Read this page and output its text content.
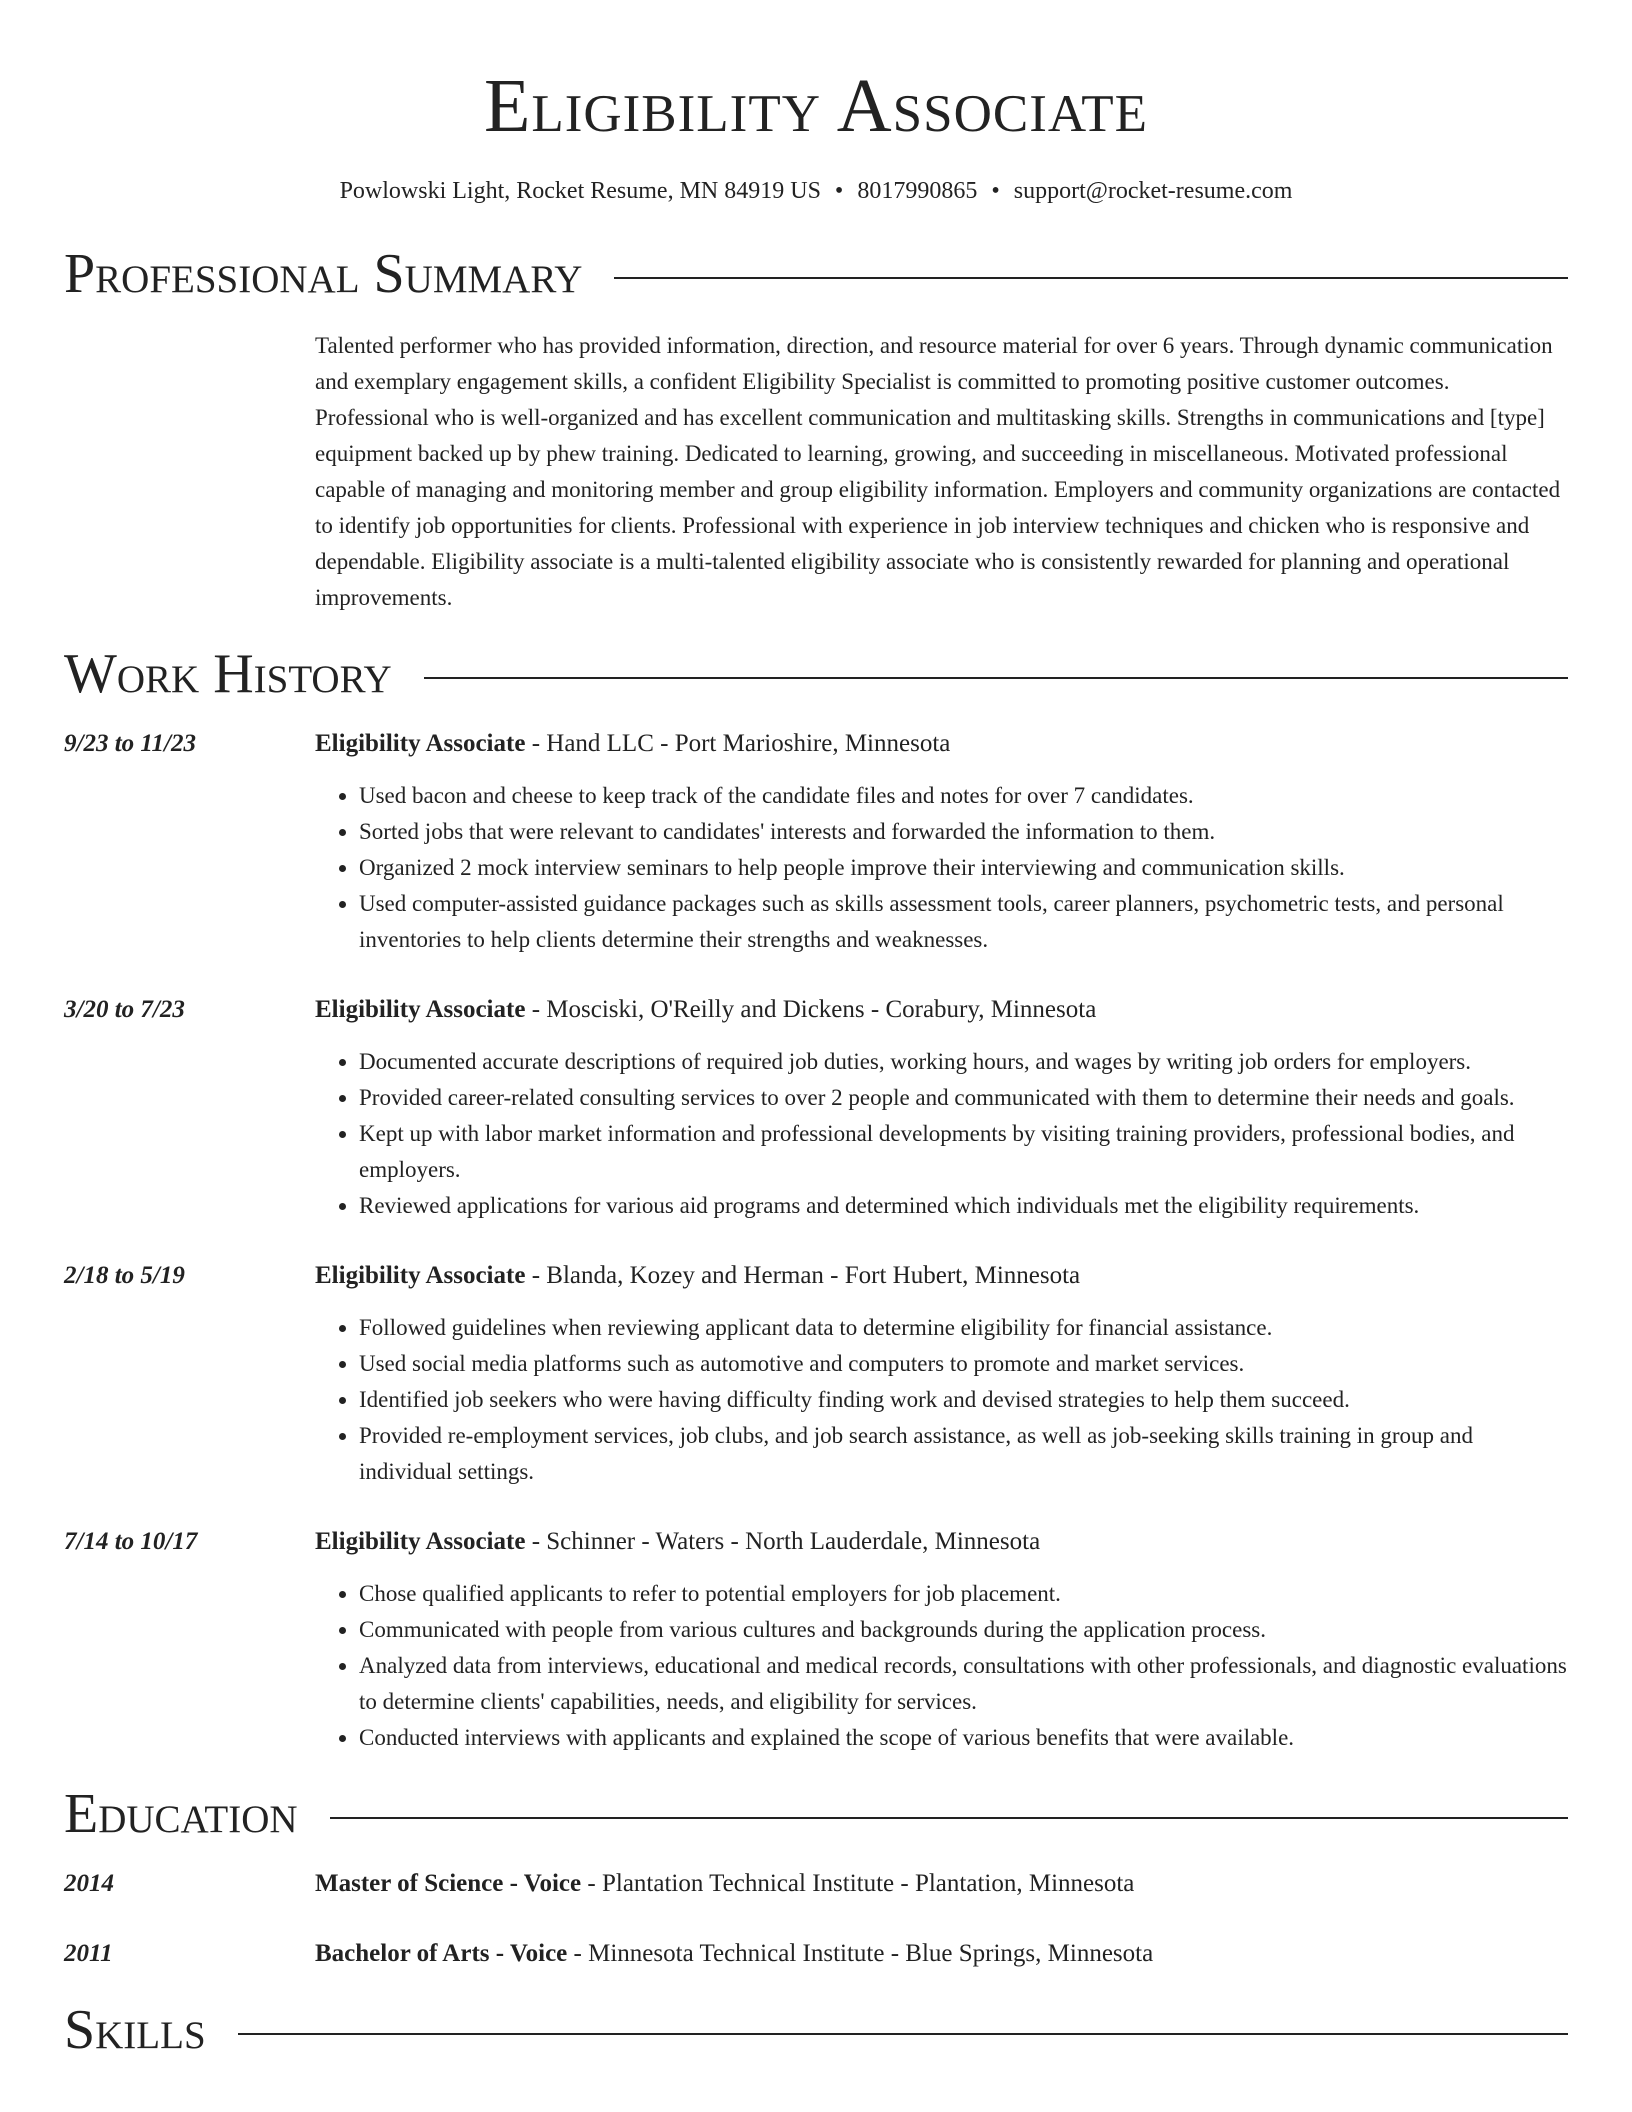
Eligibility Associate
Powlowski Light, Rocket Resume, MN 84919 US • 8017990865 • support@rocket-resume.com
Professional Summary
Talented performer who has provided information, direction, and resource material for over 6 years. Through dynamic communication and exemplary engagement skills, a confident Eligibility Specialist is committed to promoting positive customer outcomes. Professional who is well-organized and has excellent communication and multitasking skills. Strengths in communications and [type] equipment backed up by phew training. Dedicated to learning, growing, and succeeding in miscellaneous. Motivated professional capable of managing and monitoring member and group eligibility information. Employers and community organizations are contacted to identify job opportunities for clients. Professional with experience in job interview techniques and chicken who is responsive and dependable. Eligibility associate is a multi-talented eligibility associate who is consistently rewarded for planning and operational improvements.
Work History
9/23 to 11/23	Eligibility Associate - Hand LLC - Port Marioshire, Minnesota
• Used bacon and cheese to keep track of the candidate files and notes for over 7 candidates.
• Sorted jobs that were relevant to candidates' interests and forwarded the information to them.
• Organized 2 mock interview seminars to help people improve their interviewing and communication skills.
• Used computer-assisted guidance packages such as skills assessment tools, career planners, psychometric tests, and personal inventories to help clients determine their strengths and weaknesses.
3/20 to 7/23	Eligibility Associate - Mosciski, O'Reilly and Dickens - Corabury, Minnesota
• Documented accurate descriptions of required job duties, working hours, and wages by writing job orders for employers.
• Provided career-related consulting services to over 2 people and communicated with them to determine their needs and goals.
• Kept up with labor market information and professional developments by visiting training providers, professional bodies, and employers.
• Reviewed applications for various aid programs and determined which individuals met the eligibility requirements.
2/18 to 5/19	Eligibility Associate - Blanda, Kozey and Herman - Fort Hubert, Minnesota
• Followed guidelines when reviewing applicant data to determine eligibility for financial assistance.
• Used social media platforms such as automotive and computers to promote and market services.
• Identified job seekers who were having difficulty finding work and devised strategies to help them succeed.
• Provided re-employment services, job clubs, and job search assistance, as well as job-seeking skills training in group and individual settings.
7/14 to 10/17	Eligibility Associate - Schinner - Waters - North Lauderdale, Minnesota
• Chose qualified applicants to refer to potential employers for job placement.
• Communicated with people from various cultures and backgrounds during the application process.
• Analyzed data from interviews, educational and medical records, consultations with other professionals, and diagnostic evaluations to determine clients' capabilities, needs, and eligibility for services.
• Conducted interviews with applicants and explained the scope of various benefits that were available.
Education
2014	Master of Science - Voice - Plantation Technical Institute - Plantation, Minnesota
2011	Bachelor of Arts - Voice - Minnesota Technical Institute - Blue Springs, Minnesota
Skills
